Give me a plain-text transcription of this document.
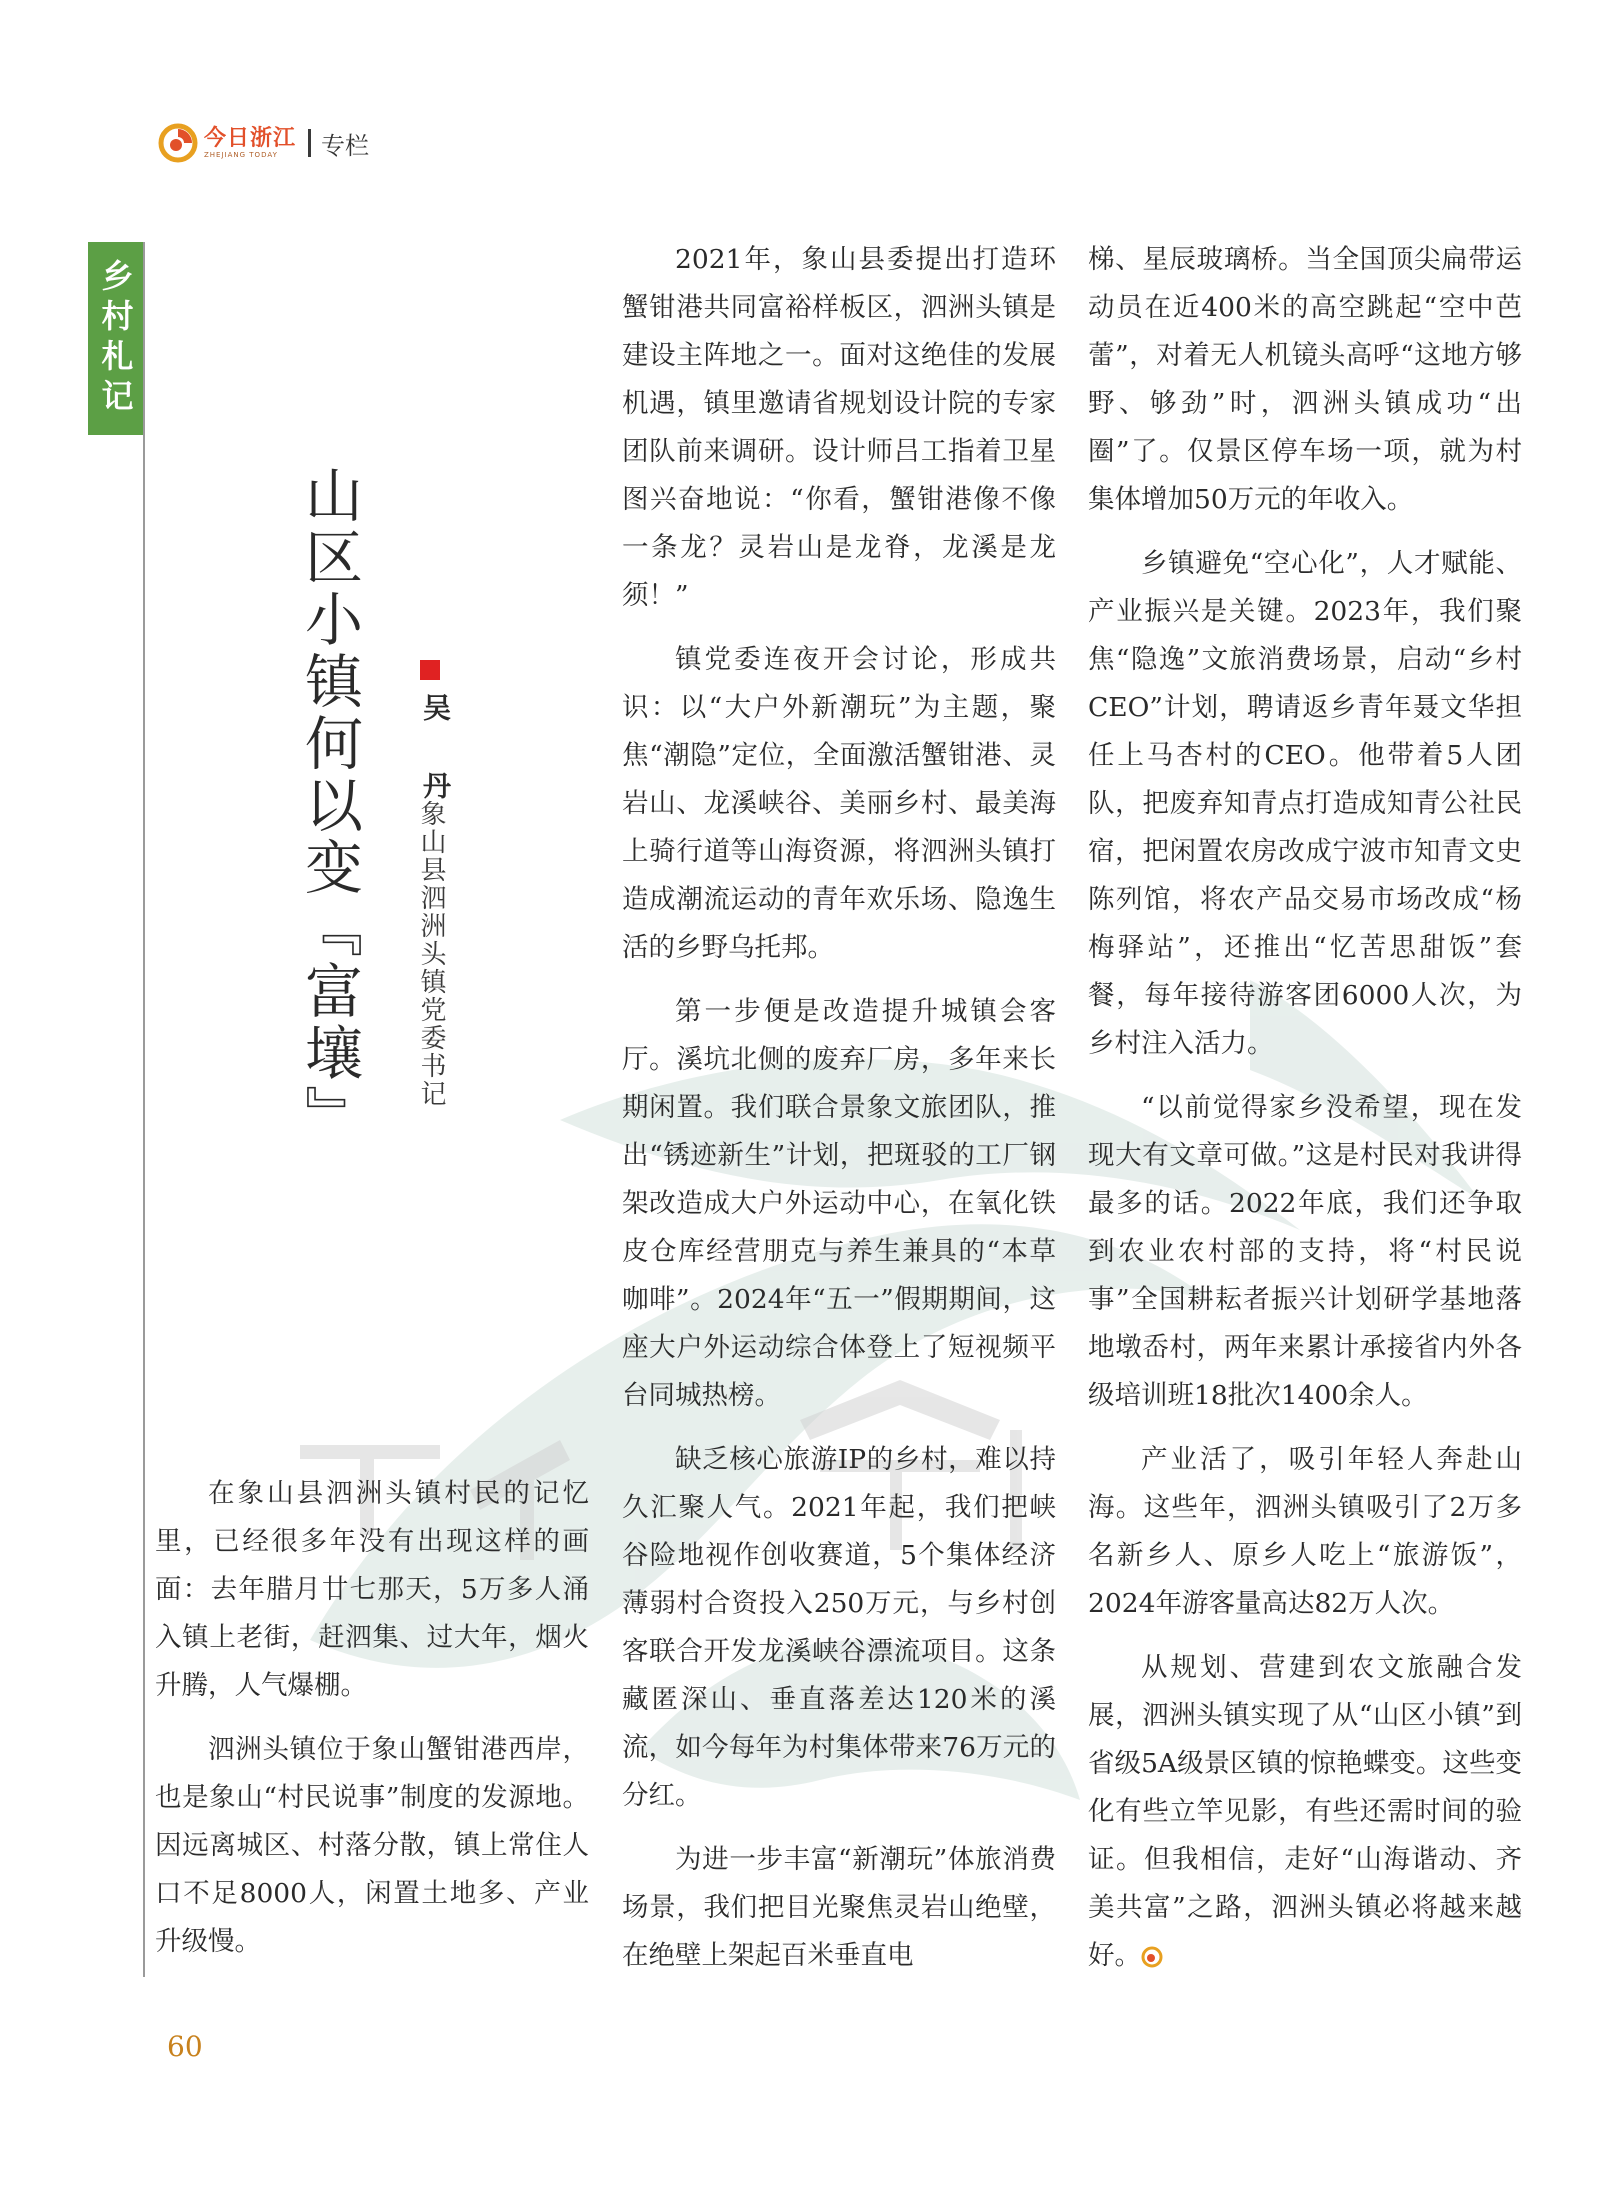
今日浙江
ZHEJIANG TODAY	专栏
乡村札记
山区小镇何以变『富壤』 吴 丹
象山县泗洲头镇党委书记

在象山县泗洲头镇村民的记忆里，已经很多年没有出现这样的画面：去年腊月廿七那天，5万多人涌入镇上老街，赶泗集、过大年，烟火升腾，人气爆棚。

泗洲头镇位于象山蟹钳港西岸，也是象山“村民说事”制度的发源地。因远离城区、村落分散，镇上常住人口不足8000人，闲置土地多、产业升级慢。

2021年，象山县委提出打造环蟹钳港共同富裕样板区，泗洲头镇是建设主阵地之一。面对这绝佳的发展机遇，镇里邀请省规划设计院的专家团队前来调研。设计师吕工指着卫星图兴奋地说：“你看，蟹钳港像不像一条龙？灵岩山是龙脊，龙溪是龙须！”

镇党委连夜开会讨论，形成共识：以“大户外新潮玩”为主题，聚焦“潮隐”定位，全面激活蟹钳港、灵岩山、龙溪峡谷、美丽乡村、最美海上骑行道等山海资源，将泗洲头镇打造成潮流运动的青年欢乐场、隐逸生活的乡野乌托邦。

第一步便是改造提升城镇会客厅。溪坑北侧的废弃厂房，多年来长期闲置。我们联合景象文旅团队，推出“锈迹新生”计划，把斑驳的工厂钢架改造成大户外运动中心，在氧化铁皮仓库经营朋克与养生兼具的“本草咖啡”。2024年“五一”假期期间，这座大户外运动综合体登上了短视频平台同城热榜。

缺乏核心旅游IP的乡村，难以持久汇聚人气。2021年起，我们把峡谷险地视作创收赛道，5个集体经济薄弱村合资投入250万元，与乡村创客联合开发龙溪峡谷漂流项目。这条藏匿深山、垂直落差达120米的溪流，如今每年为村集体带来76万元的分红。

为进一步丰富“新潮玩”体旅消费场景，我们把目光聚焦灵岩山绝壁，在绝壁上架起百米垂直电

梯、星辰玻璃桥。当全国顶尖扁带运动员在近400米的高空跳起“空中芭蕾”，对着无人机镜头高呼“这地方够野、够劲”时，泗洲头镇成功“出圈”了。仅景区停车场一项，就为村集体增加50万元的年收入。

乡镇避免“空心化”，人才赋能、产业振兴是关键。2023年，我们聚焦“隐逸”文旅消费场景，启动“乡村CEO”计划，聘请返乡青年聂文华担任上马杏村的CEO。他带着5人团队，把废弃知青点打造成知青公社民宿，把闲置农房改成宁波市知青文史陈列馆，将农产品交易市场改成“杨梅驿站”，还推出“忆苦思甜饭”套餐，每年接待游客团6000人次，为乡村注入活力。

“以前觉得家乡没希望，现在发现大有文章可做。”这是村民对我讲得最多的话。2022年底，我们还争取到农业农村部的支持，将“村民说事”全国耕耘者振兴计划研学基地落地墩岙村，两年来累计承接省内外各级培训班18批次1400余人。

产业活了，吸引年轻人奔赴山海。这些年，泗洲头镇吸引了2万多名新乡人、原乡人吃上“旅游饭”，2024年游客量高达82万人次。

从规划、营建到农文旅融合发展，泗洲头镇实现了从“山区小镇”到省级5A级景区镇的惊艳蝶变。这些变化有些立竿见影，有些还需时间的验证。但我相信，走好“山海谐动、齐美共富”之路，泗洲头镇必将越来越好。

60
